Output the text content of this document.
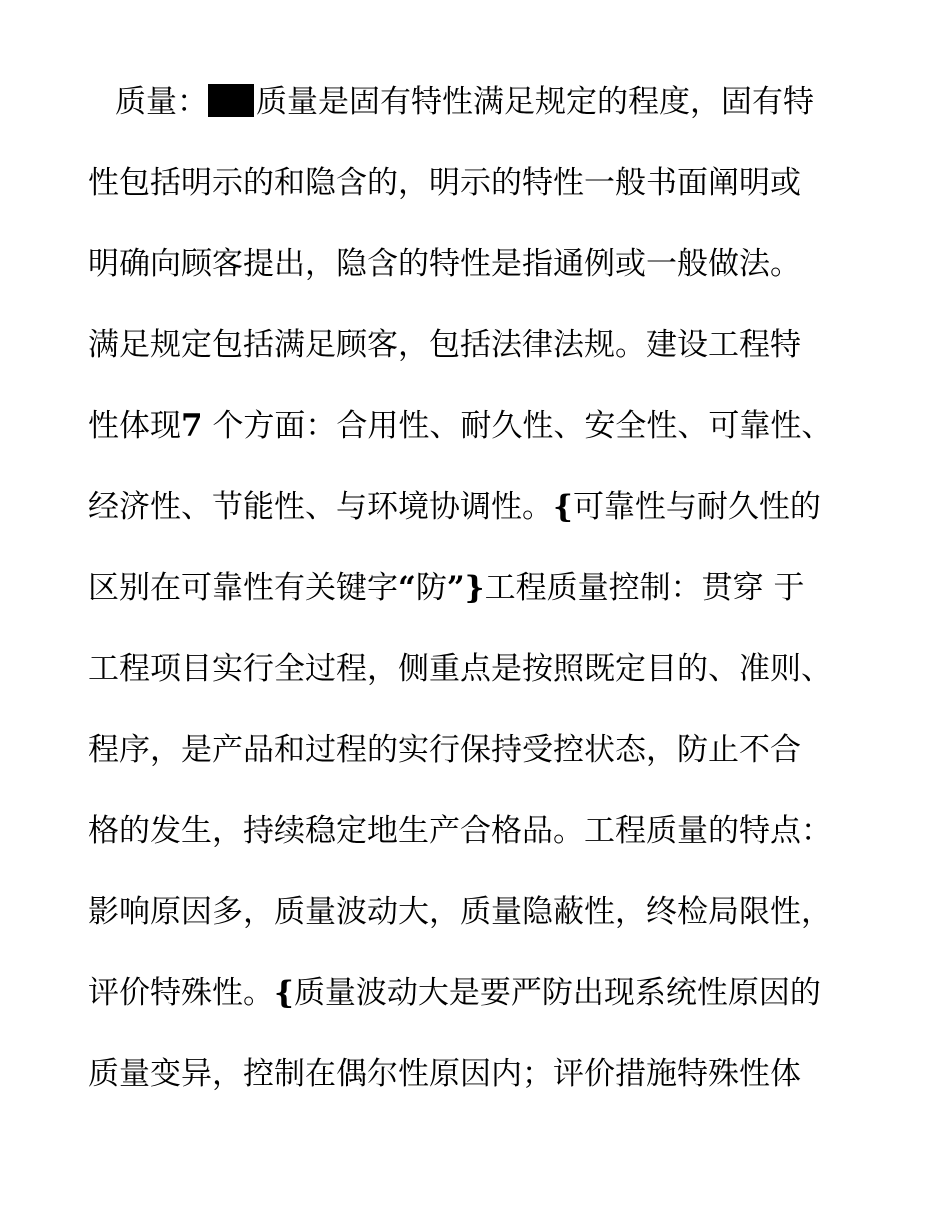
质量： 质量是固有特性满足规定的程度，固有特
性包括明示的和隐含的，明示的特性一般书面阐明或
明确向顾客提出，隐含的特性是指通例或一般做法。
满足规定包括满足顾客，包括法律法规。建设工程特
性体现7 个方面：合用性、耐久性、安全性、可靠性、
经济性、节能性、与环境协调性。{可靠性与耐久性的
区别在可靠性有关键字“防”}工程质量控制：贯穿 于
工程项目实行全过程，侧重点是按照既定目的、准则、
程序，是产品和过程的实行保持受控状态，防止不合
格的发生，持续稳定地生产合格品。工程质量的特点：
影响原因多，质量波动大，质量隐蔽性，终检局限性，
评价特殊性。{质量波动大是要严防出现系统性原因的
质量变异，控制在偶尔性原因内；评价措施特殊性体
